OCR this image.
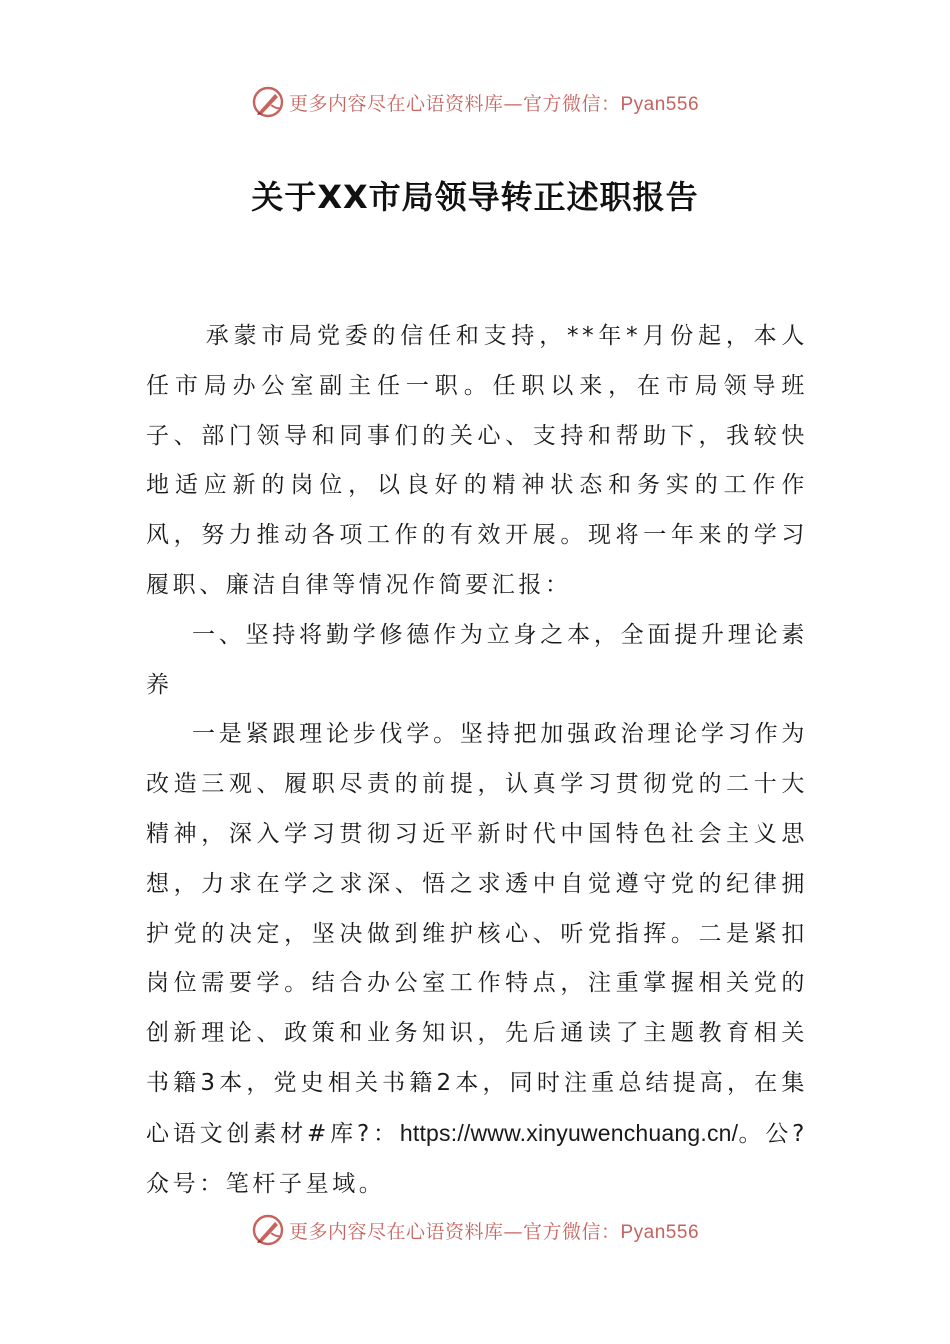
更多内容尽在心语资料库—官方微信：Pyan556
关于XX市局领导转正述职报告

承蒙市局党委的信任和支持，**年*月份起，本人任市局办公室副主任一职。任职以来，在市局领导班子、部门领导和同事们的关心、支持和帮助下，我较快地适应新的岗位，以良好的精神状态和务实的工作作风，努力推动各项工作的有效开展。现将一年来的学习履职、廉洁自律等情况作简要汇报：

一、坚持将勤学修德作为立身之本，全面提升理论素养

一是紧跟理论步伐学。坚持把加强政治理论学习作为改造三观、履职尽责的前提，认真学习贯彻党的二十大精神，深入学习贯彻习近平新时代中国特色社会主义思想，力求在学之求深、悟之求透中自觉遵守党的纪律拥护党的决定，坚决做到维护核心、听党指挥。二是紧扣岗位需要学。结合办公室工作特点，注重掌握相关党的创新理论、政策和业务知识，先后通读了主题教育相关书籍3本，党史相关书籍2本，同时注重总结提高，在集心语文创素材#库?：https://www.xinyuwenchuang.cn/。公?众号：笔杆子星域。

更多内容尽在心语资料库—官方微信：Pyan556
